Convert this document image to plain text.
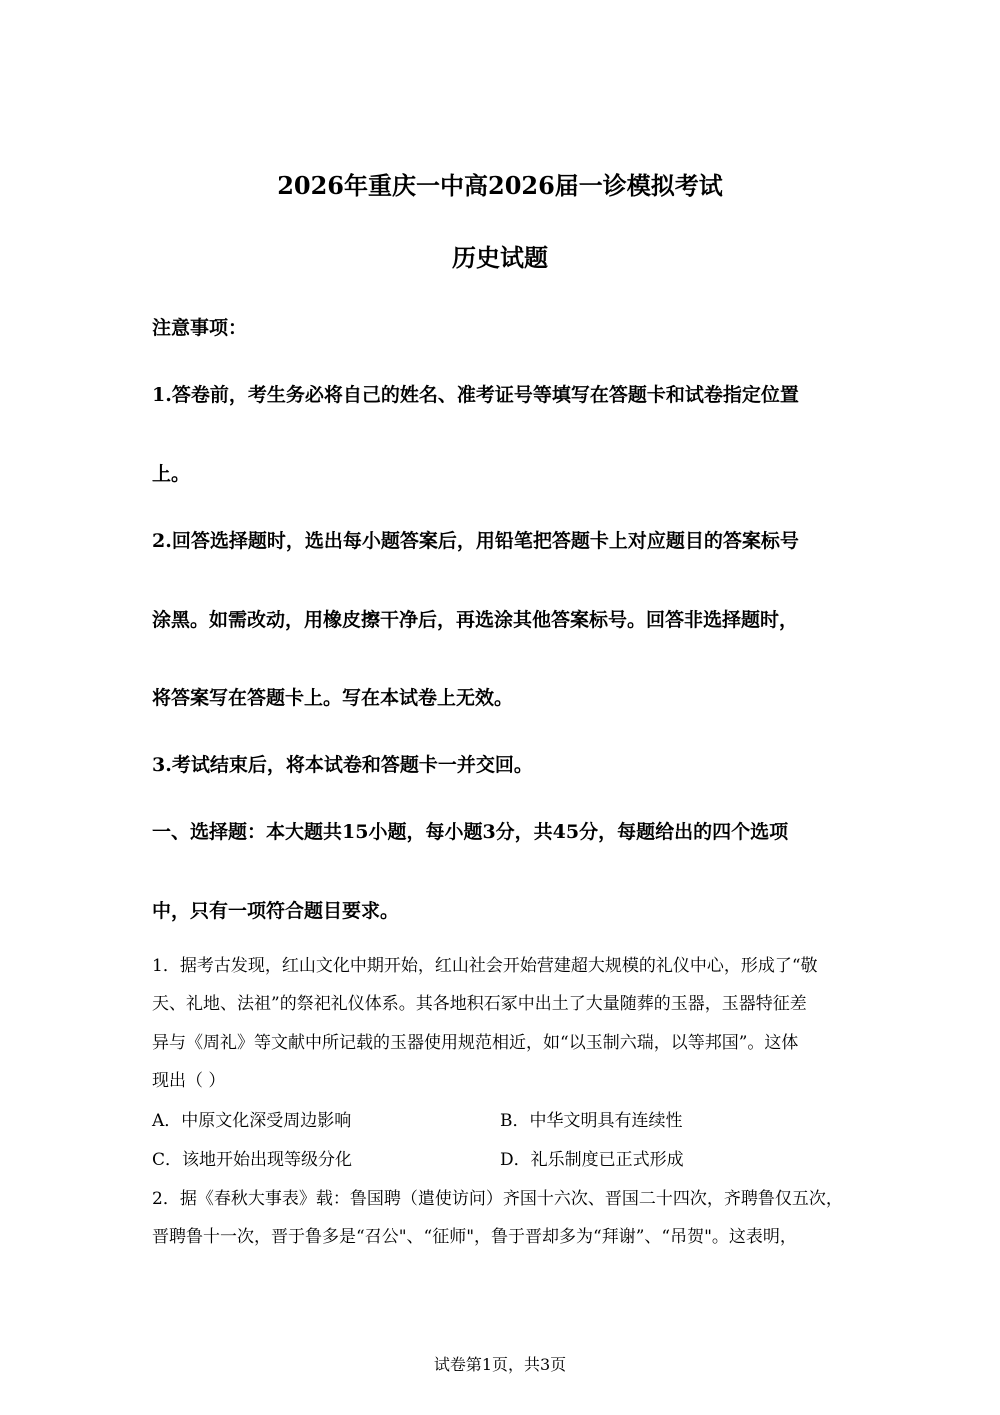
2026年重庆一中高2026届一诊模拟考试
历史试题
注意事项：
1.答卷前，考生务必将自己的姓名、准考证号等填写在答题卡和试卷指定位置
上。
2.回答选择题时，选出每小题答案后，用铅笔把答题卡上对应题目的答案标号
涂黑。如需改动，用橡皮擦干净后，再选涂其他答案标号。回答非选择题时，
将答案写在答题卡上。写在本试卷上无效。
3.考试结束后，将本试卷和答题卡一并交回。
一、选择题：本大题共15小题，每小题3分，共45分，每题给出的四个选项
中，只有一项符合题目要求。
1．据考古发现，红山文化中期开始，红山社会开始营建超大规模的礼仪中心，形成了“敬
天、礼地、法祖”的祭祀礼仪体系。其各地积石冢中出土了大量随葬的玉器，玉器特征差
异与《周礼》等文献中所记载的玉器使用规范相近，如“以玉制六瑞，以等邦国”。这体
现出（ ）
A．中原文化深受周边影响	B．中华文明具有连续性
C．该地开始出现等级分化	D．礼乐制度已正式形成
2．据《春秋大事表》载：鲁国聘（遣使访问）齐国十六次、晋国二十四次，齐聘鲁仅五次，
晋聘鲁十一次，晋于鲁多是“召公"、“征师"，鲁于晋却多为“拜谢”、“吊贺"。这表明，
试卷第1页，共3页
